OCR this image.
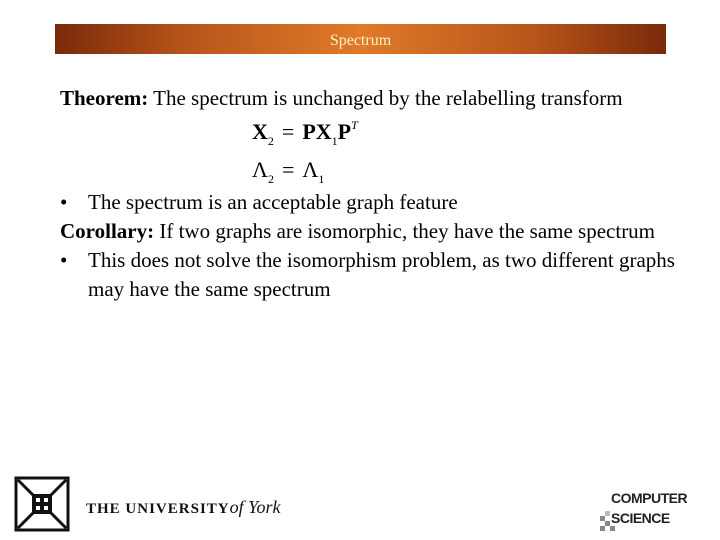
Spectrum

Theorem: The spectrum is unchanged by the relabelling transform

$X_2 = PX_1P^T$
$\Lambda_2 = \Lambda_1$
• The spectrum is an acceptable graph feature

Corollary: If two graphs are isomorphic, they have the same spectrum

• This does not solve the isomorphism problem, as two different graphs may have the same spectrum
THE UNIVERSITYof York	COMPUTER
SCIENCE
